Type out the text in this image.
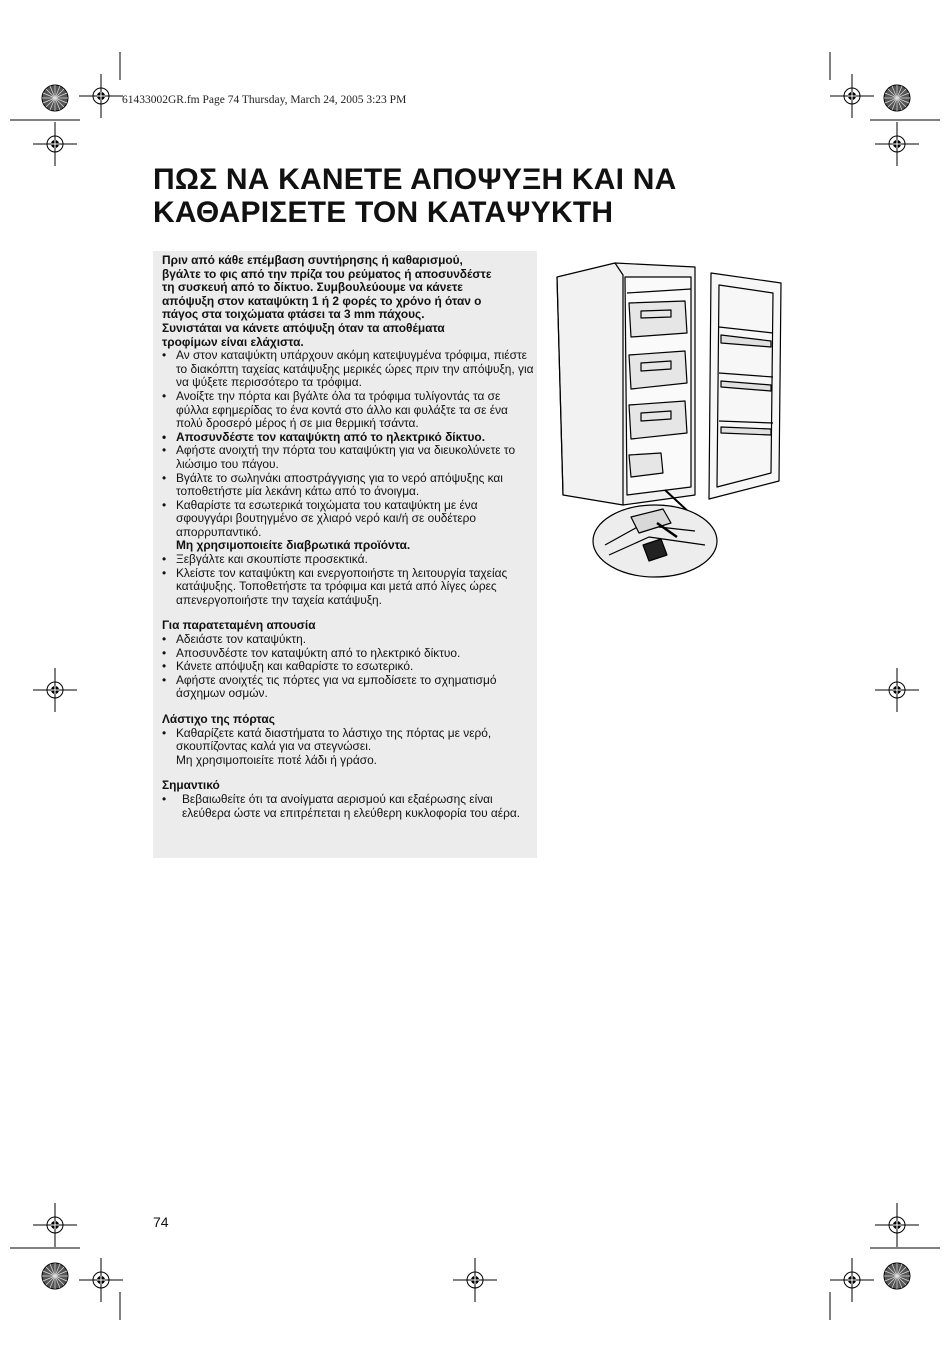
61433002GR.fm Page 74 Thursday, March 24, 2005 3:23 PM
ΠΩΣ ΝΑ ΚΑΝΕΤΕ ΑΠΟΨΥΞΗ ΚΑΙ ΝΑ
ΚΑΘΑΡΙΣΕΤΕ ΤΟΝ ΚΑΤΑΨΥΚΤΗ

Πριν από κάθε επέμβαση συντήρησης ή καθαρισμού,
βγάλτε το φις από την πρίζα του ρεύματος ή αποσυνδέστε
τη συσκευή από το δίκτυο. Συμβουλεύουμε να κάνετε
απόψυξη στον καταψύκτη 1 ή 2 φορές το χρόνο ή όταν ο
πάγος στα τοιχώματα φτάσει τα 3 mm πάχους.
Συνιστάται να κάνετε απόψυξη όταν τα αποθέματα
τροφίμων είναι ελάχιστα.

• Αν στον καταψύκτη υπάρχουν ακόμη κατεψυγμένα τρόφιμα, πιέστε το διακόπτη ταχείας κατάψυξης μερικές ώρες πριν την απόψυξη, για να ψύξετε περισσότερο τα τρόφιμα.
• Ανοίξτε την πόρτα και βγάλτε όλα τα τρόφιμα τυλίγοντάς τα σε φύλλα εφημερίδας το ένα κοντά στο άλλο και φυλάξτε τα σε ένα πολύ δροσερό μέρος ή σε μια θερμική τσάντα.
• Αποσυνδέστε τον καταψύκτη από το ηλεκτρικό δίκτυο.
• Αφήστε ανοιχτή την πόρτα του καταψύκτη για να διευκολύνετε το λιώσιμο του πάγου.
• Βγάλτε το σωληνάκι αποστράγγισης για το νερό απόψυξης και τοποθετήστε μία λεκάνη κάτω από το άνοιγμα.
• Καθαρίστε τα εσωτερικά τοιχώματα του καταψύκτη με ένα σφουγγάρι βουτηγμένο σε χλιαρό νερό και/ή σε ουδέτερο απορρυπαντικό.
Μη χρησιμοποιείτε διαβρωτικά προϊόντα.
• Ξεβγάλτε και σκουπίστε προσεκτικά.
• Κλείστε τον καταψύκτη και ενεργοποιήστε τη λειτουργία ταχείας κατάψυξης. Τοποθετήστε τα τρόφιμα και μετά από λίγες ώρες απενεργοποιήστε την ταχεία κατάψυξη.

Για παρατεταμένη απουσία

• Αδειάστε τον καταψύκτη.
• Αποσυνδέστε τον καταψύκτη από το ηλεκτρικό δίκτυο.
• Κάνετε απόψυξη και καθαρίστε το εσωτερικό.
• Αφήστε ανοιχτές τις πόρτες για να εμποδίσετε το σχηματισμό άσχημων οσμών.

Λάστιχο της πόρτας

• Καθαρίζετε κατά διαστήματα το λάστιχο της πόρτας με νερό, σκουπίζοντας καλά για να στεγνώσει.
Μη χρησιμοποιείτε ποτέ λάδι ή γράσο.

Σημαντικό

• Βεβαιωθείτε ότι τα ανοίγματα αερισμού και εξαέρωσης είναι ελεύθερα ώστε να επιτρέπεται η ελεύθερη κυκλοφορία του αέρα.
74
